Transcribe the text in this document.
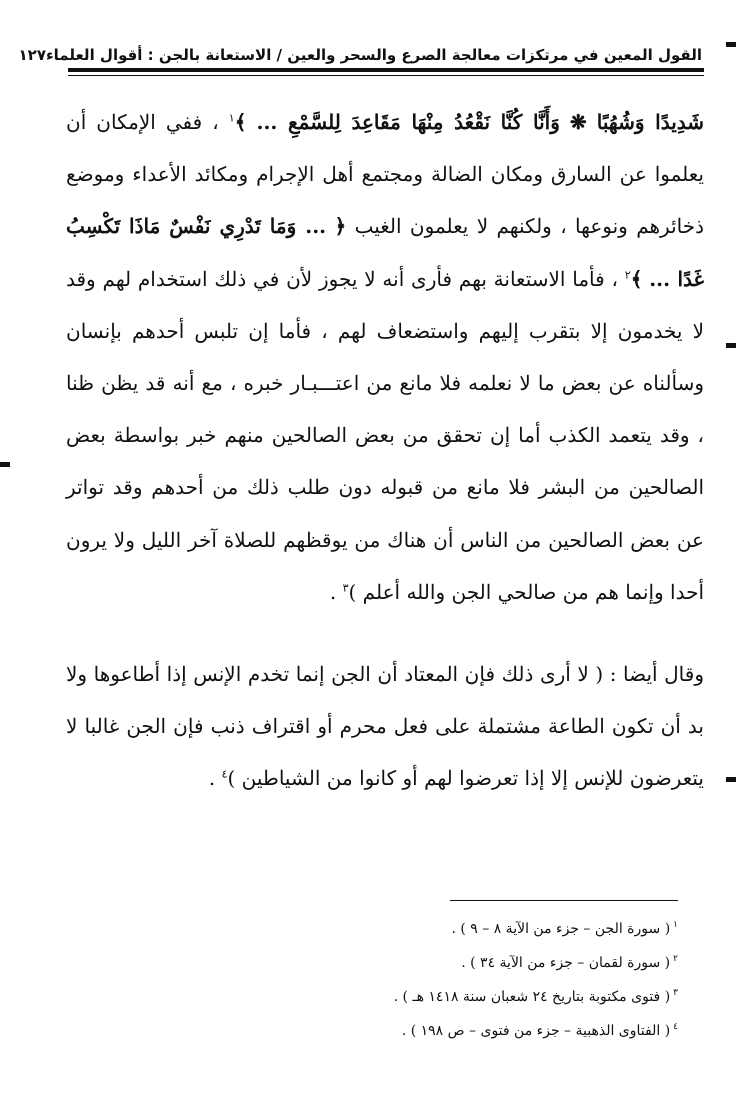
القول المعين في مرتكزات معالجة الصرع والسحر والعين / الاستعانة بالجن : أقوال العلماء
١٢٧

شَدِيدًا وَشُهُبًا ❋ وَأَنَّا كُنَّا نَقْعُدُ مِنْهَا مَقَاعِدَ لِلسَّمْعِ ... ﴾$^١$ ، ففي الإمكان أن يعلموا عن السارق ومكان الضالة ومجتمع أهل الإجرام ومكائد الأعداء وموضع ذخائرهم ونوعها ، ولكنهم لا يعلمون الغيب ﴿ ... وَمَا تَدْرِي نَفْسٌ مَاذَا تَكْسِبُ غَدًا ... ﴾$^٢$ ، فأما الاستعانة بهم فأرى أنه لا يجوز لأن في ذلك استخدام لهم وقد لا يخدمون إلا بتقرب إليهم واستضعاف لهم ، فأما إن تلبس أحدهم بإنسان وسألناه عن بعض ما لا نعلمه فلا مانع من اعتـــبـار خبره ، مع أنه قد يظن ظنا ، وقد يتعمد الكذب أما إن تحقق من بعض الصالحين منهم خبر بواسطة بعض الصالحين من البشر فلا مانع من قبوله دون طلب ذلك من أحدهم وقد تواتر عن بعض الصالحين من الناس أن هناك من يوقظهم للصلاة آخر الليل ولا يرون أحدا وإنما هم من صالحي الجن والله أعلم )$^٣$ .

وقال أيضا : ( لا أرى ذلك فإن المعتاد أن الجن إنما تخدم الإنس إذا أطاعوها ولا بد أن تكون الطاعة مشتملة على فعل محرم أو اقتراف ذنب فإن الجن غالبا لا يتعرضون للإنس إلا إذا تعرضوا لهم أو كانوا من الشياطين )$^٤$ .

$^١$( سورة الجن – جزء من الآية ٨ – ٩ ) .
$^٢$( سورة لقمان – جزء من الآية ٣٤ ) .
$^٣$( فتوى مكتوبة بتاريخ ٢٤ شعبان سنة ١٤١٨ هـ ) .
$^٤$( الفتاوى الذهبية – جزء من فتوى – ص ١٩٨ ) .
